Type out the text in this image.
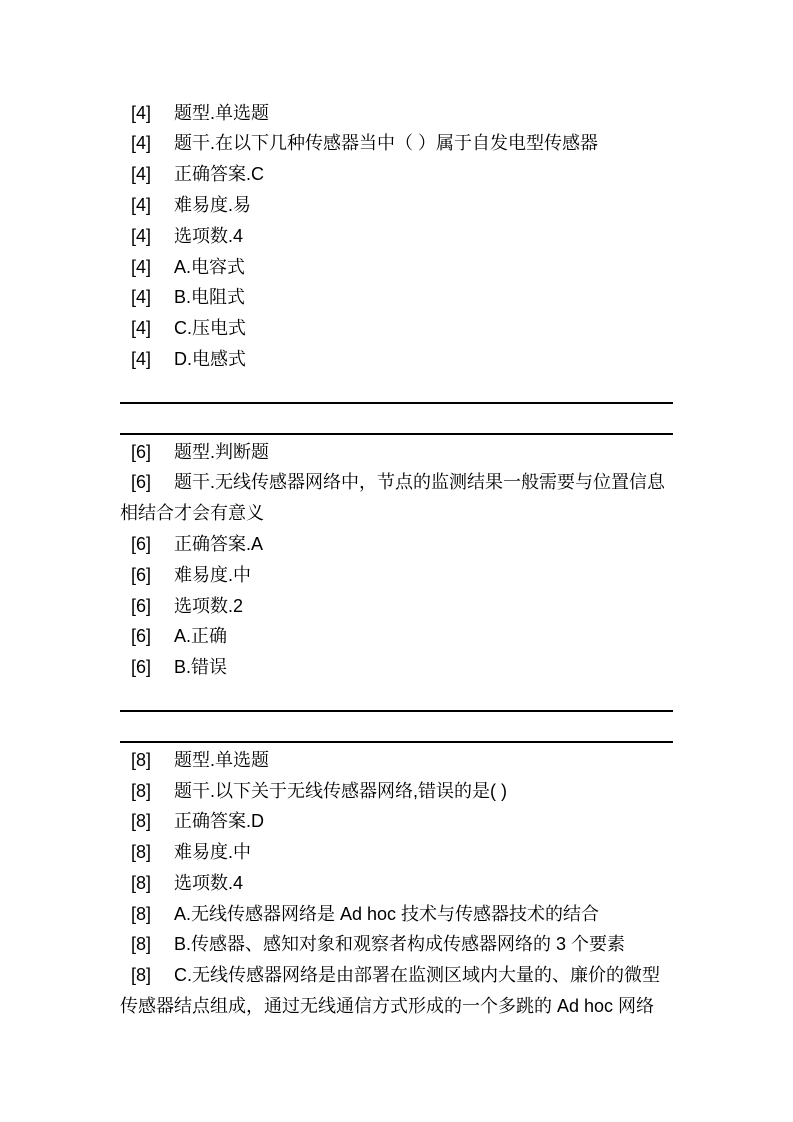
[4] 题型.单选题
[4] 题干.在以下几种传感器当中（ ）属于自发电型传感器
[4] 正确答案.C
[4] 难易度.易
[4] 选项数.4
[4] A.电容式
[4] B.电阻式
[4] C.压电式
[4] D.电感式
[6] 题型.判断题
[6] 题干.无线传感器网络中，节点的监测结果一般需要与位置信息
相结合才会有意义
[6] 正确答案.A
[6] 难易度.中
[6] 选项数.2
[6] A.正确
[6] B.错误
[8] 题型.单选题
[8] 题干.以下关于无线传感器网络,错误的是( )
[8] 正确答案.D
[8] 难易度.中
[8] 选项数.4
[8] A.无线传感器网络是 Ad hoc 技术与传感器技术的结合
[8] B.传感器、感知对象和观察者构成传感器网络的 3 个要素
[8] C.无线传感器网络是由部署在监测区域内大量的、廉价的微型
传感器结点组成，通过无线通信方式形成的一个多跳的 Ad hoc 网络
